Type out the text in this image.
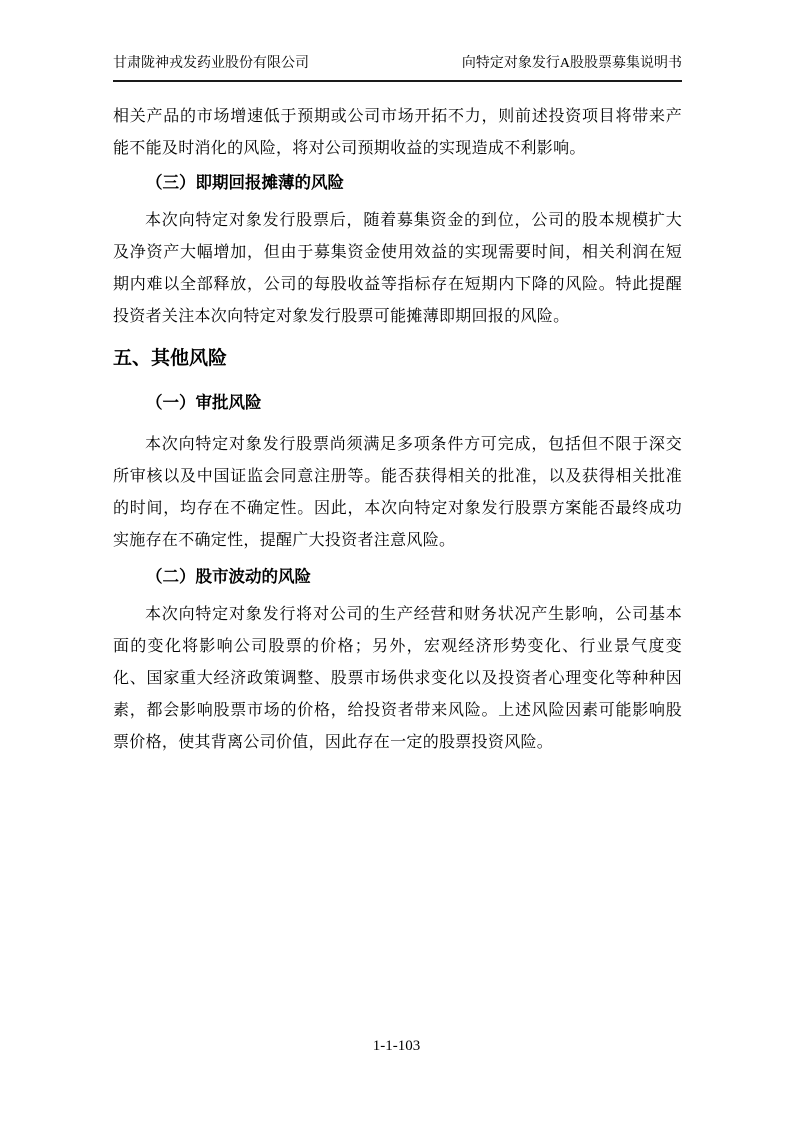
甘肃陇神戎发药业股份有限公司	向特定对象发行A股股票募集说明书

相关产品的市场增速低于预期或公司市场开拓不力，则前述投资项目将带来产能不能及时消化的风险，将对公司预期收益的实现造成不利影响。

（三）即期回报摊薄的风险

本次向特定对象发行股票后，随着募集资金的到位，公司的股本规模扩大及净资产大幅增加，但由于募集资金使用效益的实现需要时间，相关利润在短期内难以全部释放，公司的每股收益等指标存在短期内下降的风险。特此提醒投资者关注本次向特定对象发行股票可能摊薄即期回报的风险。

五、其他风险

（一）审批风险

本次向特定对象发行股票尚须满足多项条件方可完成，包括但不限于深交所审核以及中国证监会同意注册等。能否获得相关的批准，以及获得相关批准的时间，均存在不确定性。因此，本次向特定对象发行股票方案能否最终成功实施存在不确定性，提醒广大投资者注意风险。

（二）股市波动的风险

本次向特定对象发行将对公司的生产经营和财务状况产生影响，公司基本面的变化将影响公司股票的价格；另外，宏观经济形势变化、行业景气度变化、国家重大经济政策调整、股票市场供求变化以及投资者心理变化等种种因素，都会影响股票市场的价格，给投资者带来风险。上述风险因素可能影响股票价格，使其背离公司价值，因此存在一定的股票投资风险。

1-1-103
